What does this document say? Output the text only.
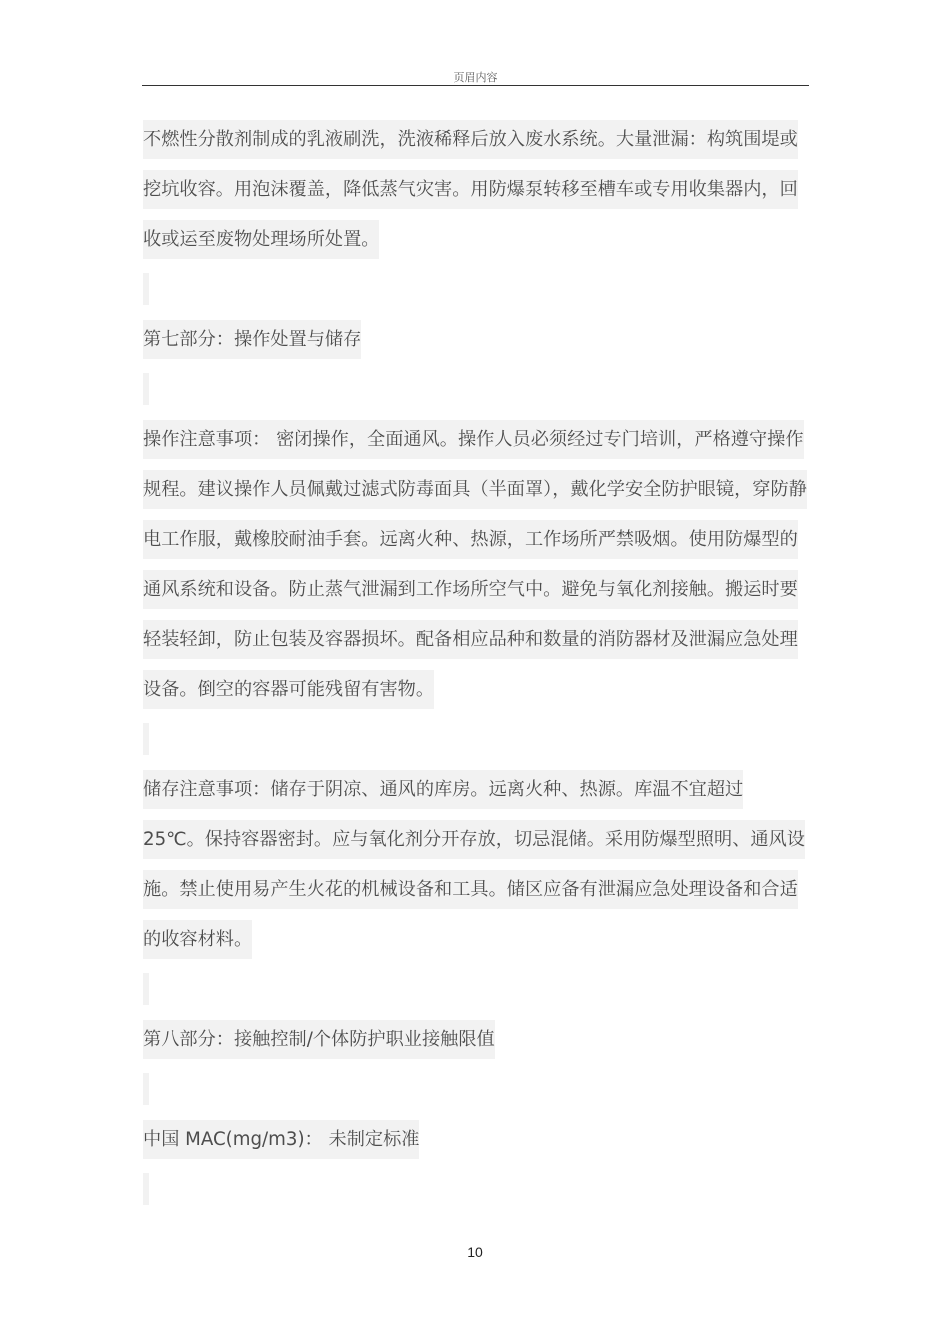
页眉内容

不燃性分散剂制成的乳液刷洗，洗液稀释后放入废水系统。大量泄漏：构筑围堤或挖坑收容。用泡沫覆盖，降低蒸气灾害。用防爆泵转移至槽车或专用收集器内，回收或运至废物处理场所处置。

第七部分：操作处置与储存

操作注意事项： 密闭操作，全面通风。操作人员必须经过专门培训，严格遵守操作规程。建议操作人员佩戴过滤式防毒面具（半面罩），戴化学安全防护眼镜，穿防静电工作服，戴橡胶耐油手套。远离火种、热源，工作场所严禁吸烟。使用防爆型的通风系统和设备。防止蒸气泄漏到工作场所空气中。避免与氧化剂接触。搬运时要轻装轻卸，防止包装及容器损坏。配备相应品种和数量的消防器材及泄漏应急处理设备。倒空的容器可能残留有害物。

储存注意事项：储存于阴凉、通风的库房。远离火种、热源。库温不宜超过 25℃。保持容器密封。应与氧化剂分开存放，切忌混储。采用防爆型照明、通风设施。禁止使用易产生火花的机械设备和工具。储区应备有泄漏应急处理设备和合适的收容材料。

第八部分：接触控制/个体防护职业接触限值

中国 MAC(mg/m3)： 未制定标准

10
